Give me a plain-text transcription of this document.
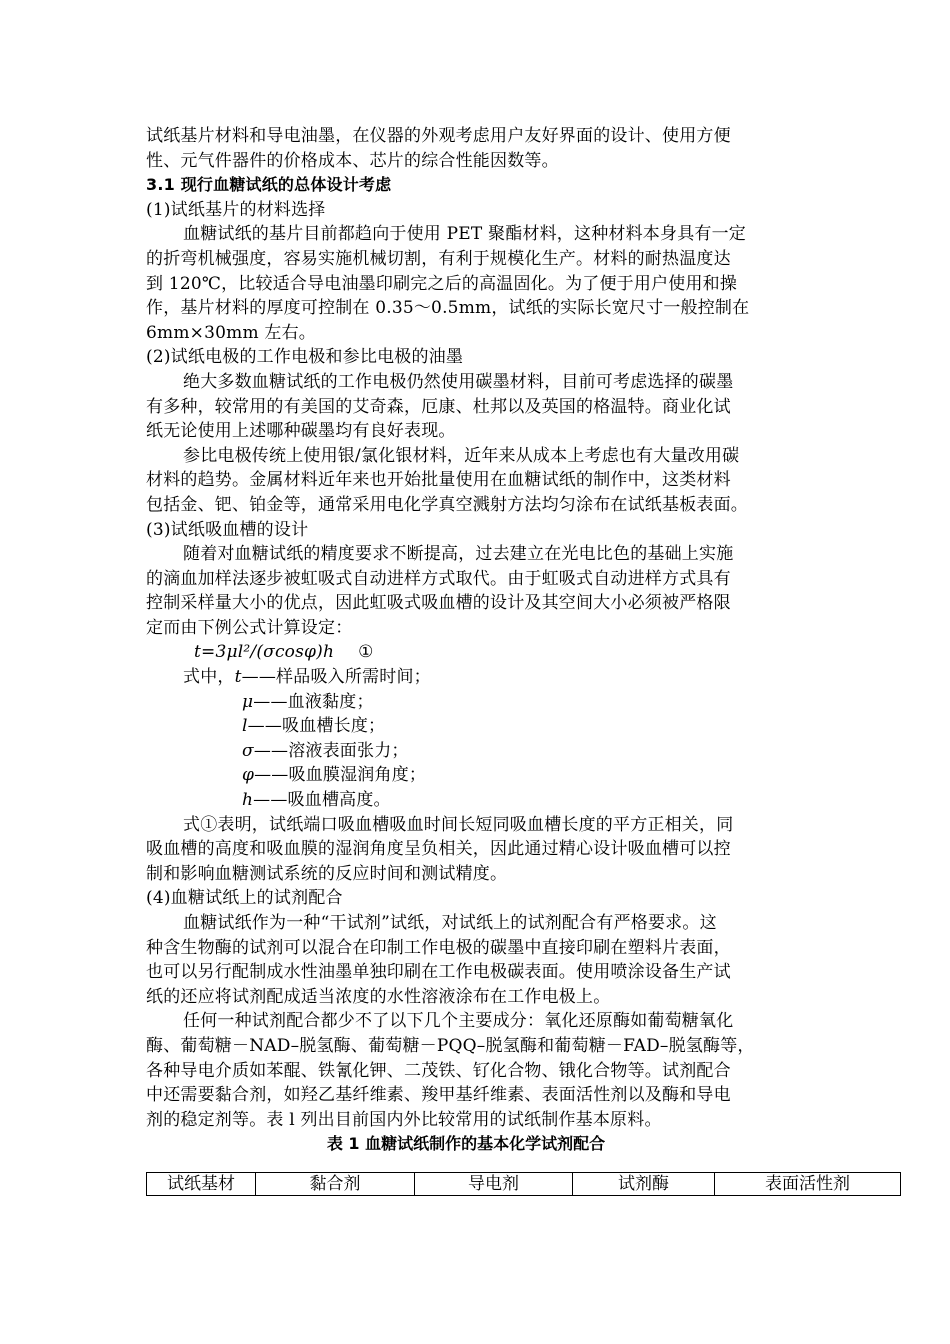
试纸基片材料和导电油墨，在仪器的外观考虑用户友好界面的设计、使用方便
性、元气件器件的价格成本、芯片的综合性能因数等。
3.1 现行血糖试纸的总体设计考虑
(1)试纸基片的材料选择
血糖试纸的基片目前都趋向于使用 PET 聚酯材料，这种材料本身具有一定
的折弯机械强度，容易实施机械切割，有利于规模化生产。材料的耐热温度达
到 120℃，比较适合导电油墨印刷完之后的高温固化。为了便于用户使用和操
作，基片材料的厚度可控制在 0.35～0.5mm，试纸的实际长宽尺寸一般控制在
6mm×30mm 左右。
(2)试纸电极的工作电极和参比电极的油墨
绝大多数血糖试纸的工作电极仍然使用碳墨材料，目前可考虑选择的碳墨
有多种，较常用的有美国的艾奇森，厄康、杜邦以及英国的格温特。商业化试
纸无论使用上述哪种碳墨均有良好表现。
参比电极传统上使用银/氯化银材料，近年来从成本上考虑也有大量改用碳
材料的趋势。金属材料近年来也开始批量使用在血糖试纸的制作中，这类材料
包括金、钯、铂金等，通常采用电化学真空溅射方法均匀涂布在试纸基板表面。
(3)试纸吸血槽的设计
随着对血糖试纸的精度要求不断提高，过去建立在光电比色的基础上实施
的滴血加样法逐步被虹吸式自动进样方式取代。由于虹吸式自动进样方式具有
控制采样量大小的优点，因此虹吸式吸血槽的设计及其空间大小必须被严格限
定而由下例公式计算设定：
t=3μl²/(σcosφ)h ①
式中，t——样品吸入所需时间；
μ——血液黏度；
l——吸血槽长度；
σ——溶液表面张力；
φ——吸血膜湿润角度；
h——吸血槽高度。
式①表明，试纸端口吸血槽吸血时间长短同吸血槽长度的平方正相关，同
吸血槽的高度和吸血膜的湿润角度呈负相关，因此通过精心设计吸血槽可以控
制和影响血糖测试系统的反应时间和测试精度。
(4)血糖试纸上的试剂配合
血糖试纸作为一种“干试剂”试纸，对试纸上的试剂配合有严格要求。这
种含生物酶的试剂可以混合在印制工作电极的碳墨中直接印刷在塑料片表面，
也可以另行配制成水性油墨单独印刷在工作电极碳表面。使用喷涂设备生产试
纸的还应将试剂配成适当浓度的水性溶液涂布在工作电极上。
任何一种试剂配合都少不了以下几个主要成分：氧化还原酶如葡萄糖氧化
酶、葡萄糖－NAD–脱氢酶、葡萄糖－PQQ–脱氢酶和葡萄糖－FAD–脱氢酶等，
各种导电介质如苯醌、铁氰化钾、二茂铁、钌化合物、锇化合物等。试剂配合
中还需要黏合剂，如羟乙基纤维素、羧甲基纤维素、表面活性剂以及酶和导电
剂的稳定剂等。表 l 列出目前国内外比较常用的试纸制作基本原料。
表 1 血糖试纸制作的基本化学试剂配合
试纸基材	黏合剂	导电剂	试剂酶	表面活性剂
